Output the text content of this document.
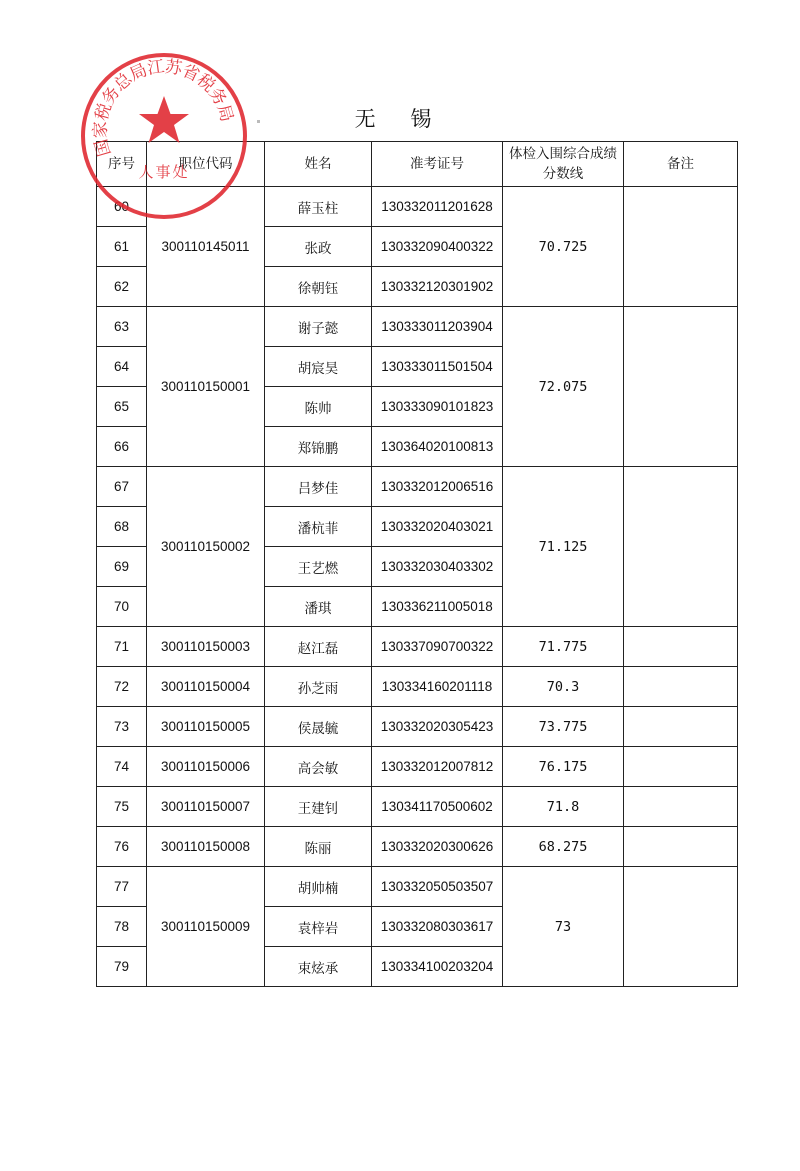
无 锡
序号	职位代码	姓名	准考证号	体检入围综合成绩分数线	备注
60	300110145011	薛玉柱	130332011201628	70.725	
61		张政	130332090400322		
62		徐朝钰	130332120301902		
63	300110150001	谢子懿	130333011203904	72.075	
64		胡宸昊	130333011501504		
65		陈帅	130333090101823		
66		郑锦鹏	130364020100813		
67	300110150002	吕梦佳	130332012006516	71.125	
68		潘杭菲	130332020403021		
69		王艺燃	130332030403302		
70		潘琪	130336211005018		
71	300110150003	赵江磊	130337090700322	71.775	
72	300110150004	孙芝雨	130334160201118	70.3	
73	300110150005	侯晟毓	130332020305423	73.775	
74	300110150006	高会敏	130332012007812	76.175	
75	300110150007	王建钊	130341170500602	71.8	
76	300110150008	陈丽	130332020300626	68.275	
77	300110150009	胡帅楠	130332050503507	73	
78		袁梓岩	130332080303617		
79		束炫承	130334100203204		
国家税务总局江苏省税务局
人事处
